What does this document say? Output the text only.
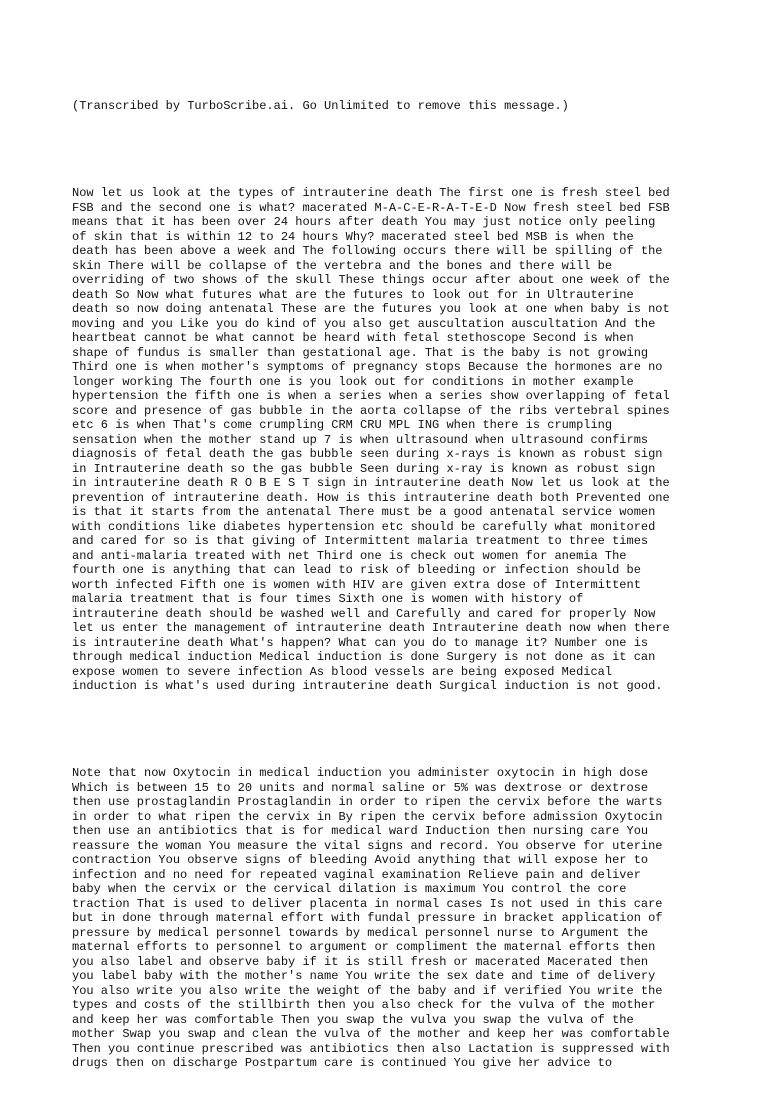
(Transcribed by TurboScribe.ai. Go Unlimited to remove this message.)

Now let us look at the types of intrauterine death The first one is fresh steel bed
FSB and the second one is what? macerated M-A-C-E-R-A-T-E-D Now fresh steel bed FSB
means that it has been over 24 hours after death You may just notice only peeling
of skin that is within 12 to 24 hours Why? macerated steel bed MSB is when the
death has been above a week and The following occurs there will be spilling of the
skin There will be collapse of the vertebra and the bones and there will be
overriding of two shows of the skull These things occur after about one week of the
death So Now what futures what are the futures to look out for in Ultrauterine
death so now doing antenatal These are the futures you look at one when baby is not
moving and you Like you do kind of you also get auscultation auscultation And the
heartbeat cannot be what cannot be heard with fetal stethoscope Second is when
shape of fundus is smaller than gestational age. That is the baby is not growing
Third one is when mother's symptoms of pregnancy stops Because the hormones are no
longer working The fourth one is you look out for conditions in mother example
hypertension the fifth one is when a series when a series show overlapping of fetal
score and presence of gas bubble in the aorta collapse of the ribs vertebral spines
etc 6 is when That's come crumpling CRM CRU MPL ING when there is crumpling
sensation when the mother stand up 7 is when ultrasound when ultrasound confirms
diagnosis of fetal death the gas bubble seen during x-rays is known as robust sign
in Intrauterine death so the gas bubble Seen during x-ray is known as robust sign
in intrauterine death R O B E S T sign in intrauterine death Now let us look at the
prevention of intrauterine death. How is this intrauterine death both Prevented one
is that it starts from the antenatal There must be a good antenatal service women
with conditions like diabetes hypertension etc should be carefully what monitored
and cared for so is that giving of Intermittent malaria treatment to three times
and anti-malaria treated with net Third one is check out women for anemia The
fourth one is anything that can lead to risk of bleeding or infection should be
worth infected Fifth one is women with HIV are given extra dose of Intermittent
malaria treatment that is four times Sixth one is women with history of
intrauterine death should be washed well and Carefully and cared for properly Now
let us enter the management of intrauterine death Intrauterine death now when there
is intrauterine death What's happen? What can you do to manage it? Number one is
through medical induction Medical induction is done Surgery is not done as it can
expose women to severe infection As blood vessels are being exposed Medical
induction is what's used during intrauterine death Surgical induction is not good.

Note that now Oxytocin in medical induction you administer oxytocin in high dose
Which is between 15 to 20 units and normal saline or 5% was dextrose or dextrose
then use prostaglandin Prostaglandin in order to ripen the cervix before the warts
in order to what ripen the cervix in By ripen the cervix before admission Oxytocin
then use an antibiotics that is for medical ward Induction then nursing care You
reassure the woman You measure the vital signs and record. You observe for uterine
contraction You observe signs of bleeding Avoid anything that will expose her to
infection and no need for repeated vaginal examination Relieve pain and deliver
baby when the cervix or the cervical dilation is maximum You control the core
traction That is used to deliver placenta in normal cases Is not used in this care
but in done through maternal effort with fundal pressure in bracket application of
pressure by medical personnel towards by medical personnel nurse to Argument the
maternal efforts to personnel to argument or compliment the maternal efforts then
you also label and observe baby if it is still fresh or macerated Macerated then
you label baby with the mother's name You write the sex date and time of delivery
You also write you also write the weight of the baby and if verified You write the
types and costs of the stillbirth then you also check for the vulva of the mother
and keep her was comfortable Then you swap the vulva you swap the vulva of the
mother Swap you swap and clean the vulva of the mother and keep her was comfortable
Then you continue prescribed was antibiotics then also Lactation is suppressed with
drugs then on discharge Postpartum care is continued You give her advice to
